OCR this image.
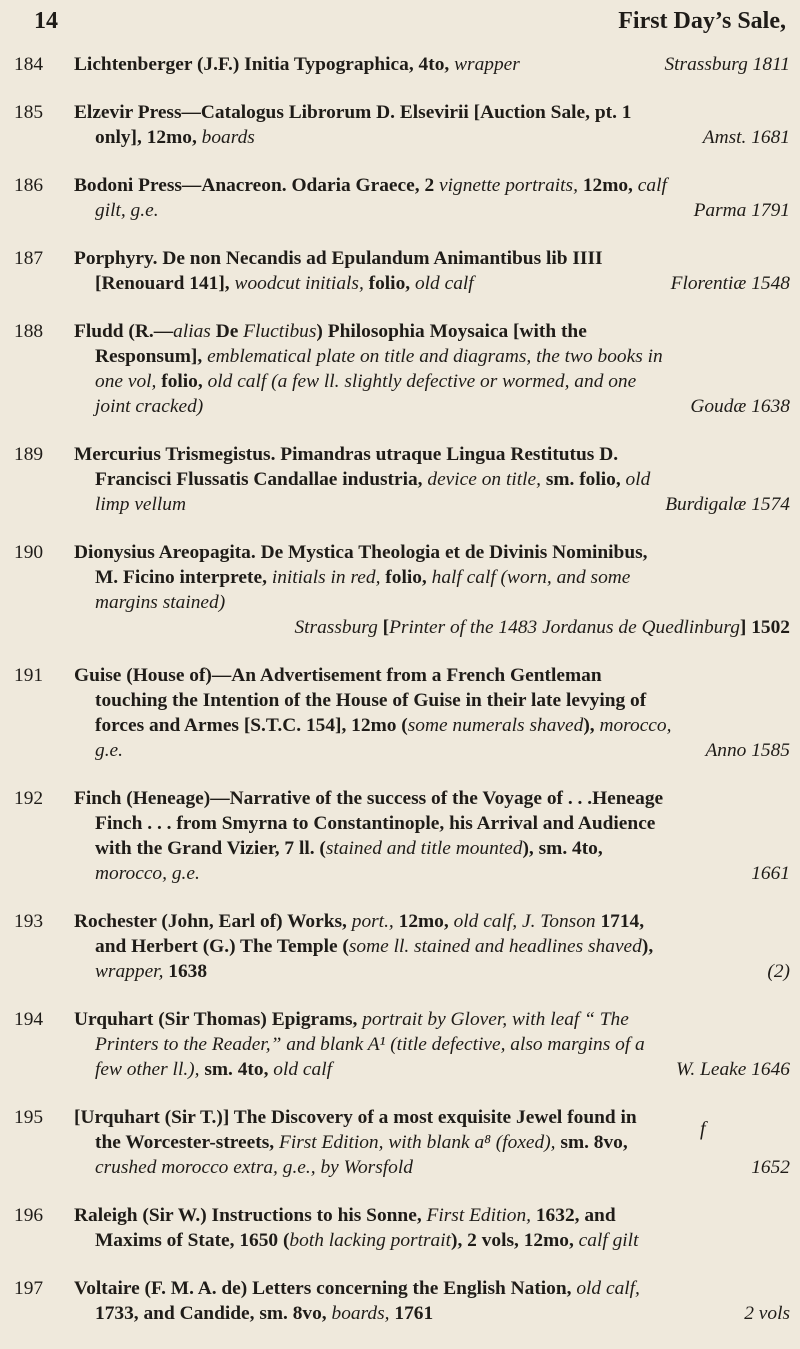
14	First Day’s Sale,
184 Lichtenberger (J.F.) Initia Typographica, 4to, wrapper	Strassburg 1811
185 Elzevir Press—Catalogus Librorum D. Elsevirii [Auction Sale, pt. 1
only], 12mo, boards	Amst. 1681
186 Bodoni Press—Anacreon. Odaria Graece, 2 vignette portraits, 12mo, calf
gilt, g.e.	Parma 1791
187 Porphyry. De non Necandis ad Epulandum Animantibus lib IIII
[Renouard 141], woodcut initials, folio, old calf	Florentiæ 1548
188 Fludd (R.—alias De Fluctibus) Philosophia Moysaica [with the
Responsum], emblematical plate on title and diagrams, the two books in
one vol, folio, old calf (a few ll. slightly defective or wormed, and one
joint cracked)	Goudæ 1638
189 Mercurius Trismegistus. Pimandras utraque Lingua Restitutus D.
Francisci Flussatis Candallae industria, device on title, sm. folio, old
limp vellum	Burdigalæ 1574
190 Dionysius Areopagita. De Mystica Theologia et de Divinis Nominibus,
M. Ficino interprete, initials in red, folio, half calf (worn, and some
margins stained)
Strassburg [Printer of the 1483 Jordanus de Quedlinburg] 1502
191 Guise (House of)—An Advertisement from a French Gentleman
touching the Intention of the House of Guise in their late levying of
forces and Armes [S.T.C. 154], 12mo (some numerals shaved), morocco,
g.e.	Anno 1585
192 Finch (Heneage)—Narrative of the success of the Voyage of . . .Heneage
Finch . . . from Smyrna to Constantinople, his Arrival and Audience
with the Grand Vizier, 7 ll. (stained and title mounted), sm. 4to,
morocco, g.e.	1661
193 Rochester (John, Earl of) Works, port., 12mo, old calf, J. Tonson 1714,
and Herbert (G.) The Temple (some ll. stained and headlines shaved),
wrapper, 1638	(2)
194 Urquhart (Sir Thomas) Epigrams, portrait by Glover, with leaf “ The
Printers to the Reader,” and blank A¹ (title defective, also margins of a
few other ll.), sm. 4to, old calf	W. Leake 1646
195 [Urquhart (Sir T.)] The Discovery of a most exquisite Jewel found in
the Worcester-streets, First Edition, with blank a⁸ (foxed), sm. 8vo,
crushed morocco extra, g.e., by Worsfold	1652
196 Raleigh (Sir W.) Instructions to his Sonne, First Edition, 1632, and
Maxims of State, 1650 (both lacking portrait), 2 vols, 12mo, calf gilt
197 Voltaire (F. M. A. de) Letters concerning the English Nation, old calf,
1733, and Candide, sm. 8vo, boards, 1761	2 vols
f
